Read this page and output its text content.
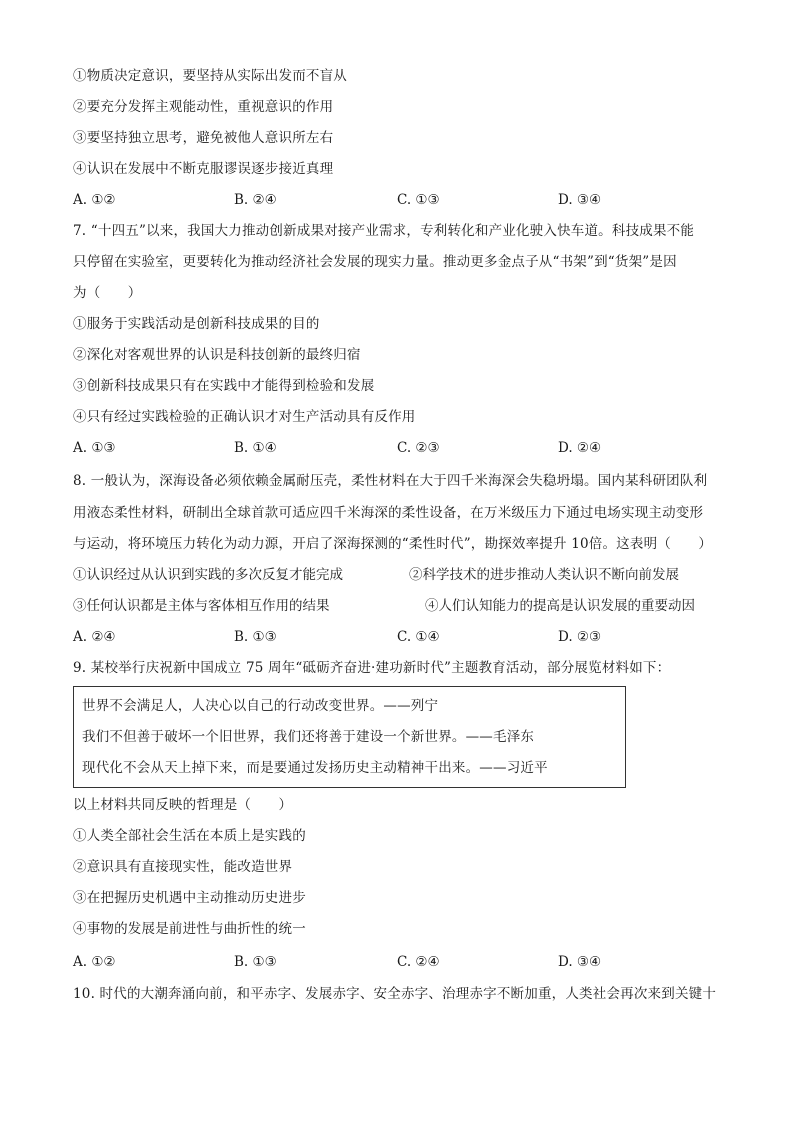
①物质决定意识，要坚持从实际出发而不盲从
②要充分发挥主观能动性，重视意识的作用
③要坚持独立思考，避免被他人意识所左右
④认识在发展中不断克服谬误逐步接近真理
A. ①②	B. ②④	C. ①③	D. ③④
7. “十四五”以来，我国大力推动创新成果对接产业需求，专利转化和产业化驶入快车道。科技成果不能
只停留在实验室，更要转化为推动经济社会发展的现实力量。推动更多金点子从“书架”到“货架”是因
为（　　）
①服务于实践活动是创新科技成果的目的
②深化对客观世界的认识是科技创新的最终归宿
③创新科技成果只有在实践中才能得到检验和发展
④只有经过实践检验的正确认识才对生产活动具有反作用
A. ①③	B. ①④	C. ②③	D. ②④
8. 一般认为，深海设备必须依赖金属耐压壳，柔性材料在大于四千米海深会失稳坍塌。国内某科研团队利
用液态柔性材料，研制出全球首款可适应四千米海深的柔性设备，在万米级压力下通过电场实现主动变形
与运动，将环境压力转化为动力源，开启了深海探测的“柔性时代”，勘探效率提升 10倍。这表明（　　）
①认识经过从认识到实践的多次反复才能完成	②科学技术的进步推动人类认识不断向前发展
③任何认识都是主体与客体相互作用的结果	④人们认知能力的提高是认识发展的重要动因
A. ②④	B. ①③	C. ①④	D. ②③
9. 某校举行庆祝新中国成立 75 周年“砥砺齐奋进·建功新时代”主题教育活动，部分展览材料如下：
世界不会满足人，人决心以自己的行动改变世界。——列宁
我们不但善于破坏一个旧世界，我们还将善于建设一个新世界。——毛泽东
现代化不会从天上掉下来，而是要通过发扬历史主动精神干出来。——习近平
以上材料共同反映的哲理是（　　）
①人类全部社会生活在本质上是实践的
②意识具有直接现实性，能改造世界
③在把握历史机遇中主动推动历史进步
④事物的发展是前进性与曲折性的统一
A. ①②	B. ①③	C. ②④	D. ③④
10. 时代的大潮奔涌向前，和平赤字、发展赤字、安全赤字、治理赤字不断加重，人类社会再次来到关键十
